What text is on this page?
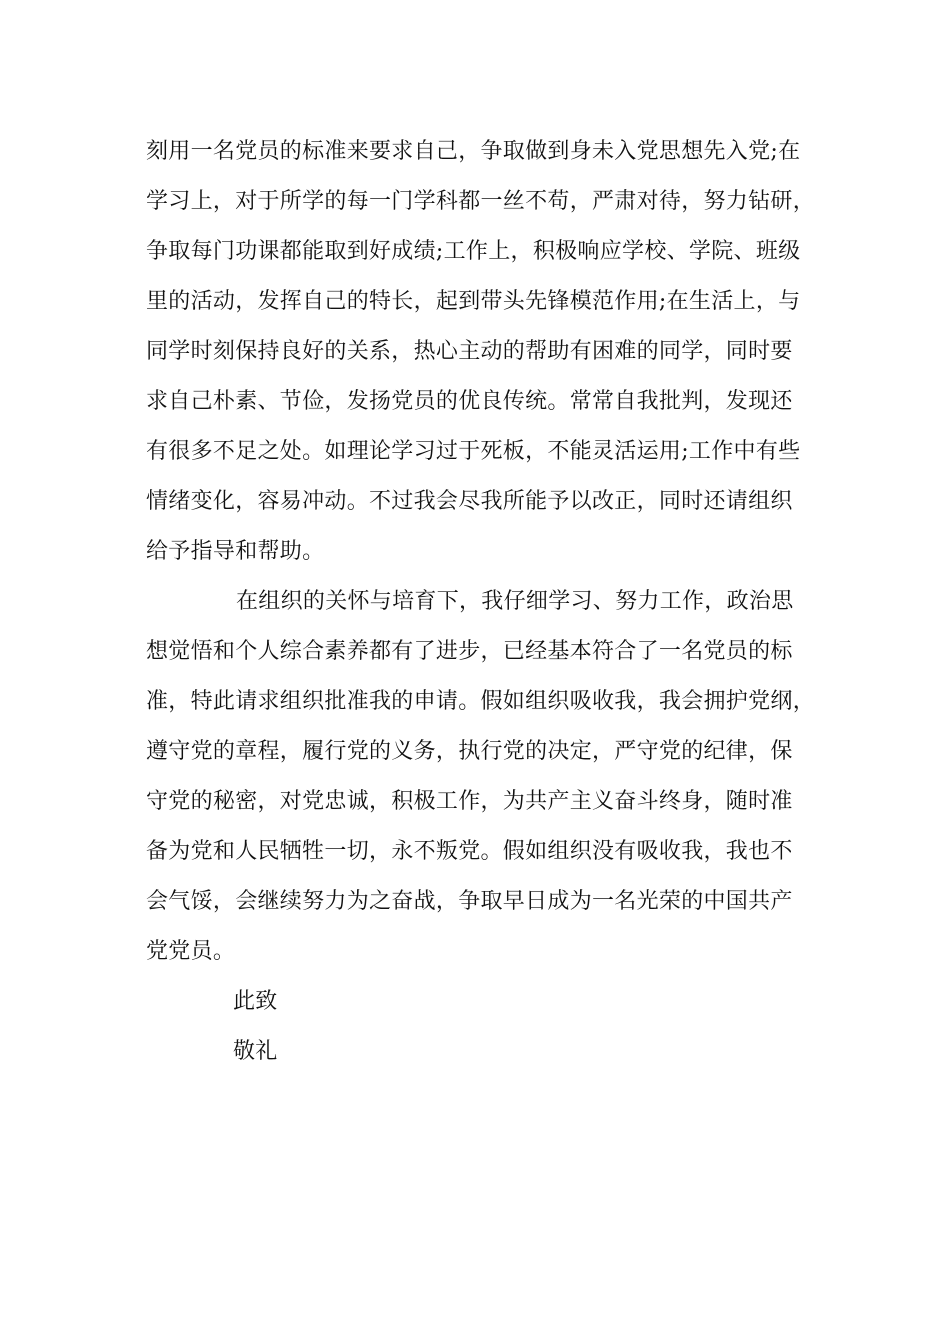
刻用一名党员的标准来要求自己，争取做到身未入党思想先入党;在
学习上，对于所学的每一门学科都一丝不苟，严肃对待，努力钻研，
争取每门功课都能取到好成绩;工作上，积极响应学校、学院、班级
里的活动，发挥自己的特长，起到带头先锋模范作用;在生活上，与
同学时刻保持良好的关系，热心主动的帮助有困难的同学，同时要
求自己朴素、节俭，发扬党员的优良传统。常常自我批判，发现还
有很多不足之处。如理论学习过于死板，不能灵活运用;工作中有些
情绪变化，容易冲动。不过我会尽我所能予以改正，同时还请组织
给予指导和帮助。
在组织的关怀与培育下，我仔细学习、努力工作，政治思
想觉悟和个人综合素养都有了进步，已经基本符合了一名党员的标
准，特此请求组织批准我的申请。假如组织吸收我，我会拥护党纲，
遵守党的章程，履行党的义务，执行党的决定，严守党的纪律，保
守党的秘密，对党忠诚，积极工作，为共产主义奋斗终身，随时准
备为党和人民牺牲一切，永不叛党。假如组织没有吸收我，我也不
会气馁，会继续努力为之奋战，争取早日成为一名光荣的中国共产
党党员。
此致
敬礼
